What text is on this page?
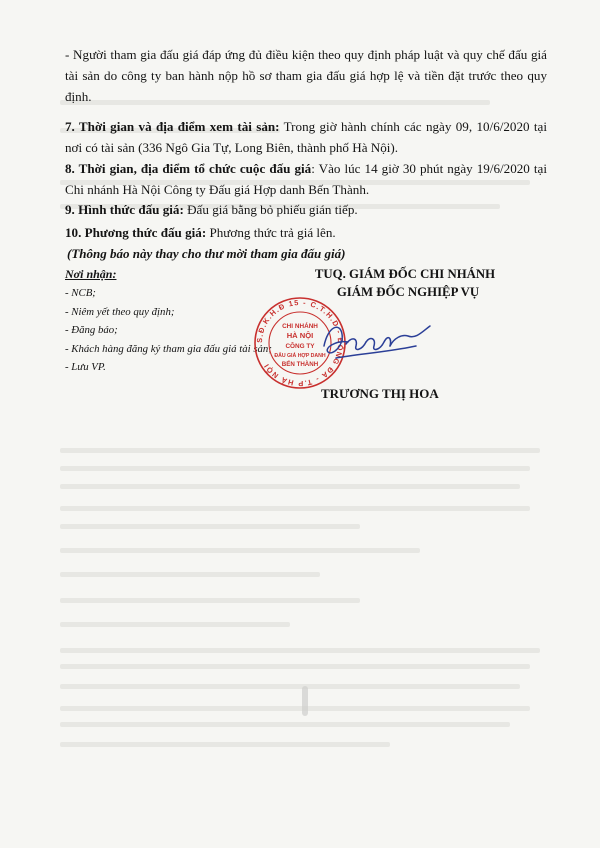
- Người tham gia đấu giá đáp ứng đủ điều kiện theo quy định pháp luật và quy chế đấu giá tài sản do công ty ban hành nộp hồ sơ tham gia đấu giá hợp lệ và tiền đặt trước theo quy định.

7. Thời gian và địa điểm xem tài sản: Trong giờ hành chính các ngày 09, 10/6/2020 tại nơi có tài sản (336 Ngô Gia Tự, Long Biên, thành phố Hà Nội).

8. Thời gian, địa điểm tổ chức cuộc đấu giá: Vào lúc 14 giờ 30 phút ngày 19/6/2020 tại Chi nhánh Hà Nội Công ty Đấu giá Hợp danh Bến Thành.

9. Hình thức đấu giá: Đấu giá bằng bỏ phiếu gián tiếp.

10. Phương thức đấu giá: Phương thức trả giá lên.

(Thông báo này thay cho thư mời tham gia đấu giá)
Nơi nhận:
- NCB;
- Niêm yết theo quy định;
- Đăng báo;
- Khách hàng đăng ký tham gia đấu giá tài sản;
- Lưu VP.
TUQ. GIÁM ĐỐC CHI NHÁNH
GIÁM ĐỐC NGHIỆP VỤ
S.Đ.K.H.Đ 15 - C.T.H.D - ĐỐNG ĐA - T.P HÀ NỘI
CHI NHÁNH
HÀ NỘI
CÔNG TY
ĐẤU GIÁ HỢP DANH
BẾN THÀNH
TRƯƠNG THỊ HOA
